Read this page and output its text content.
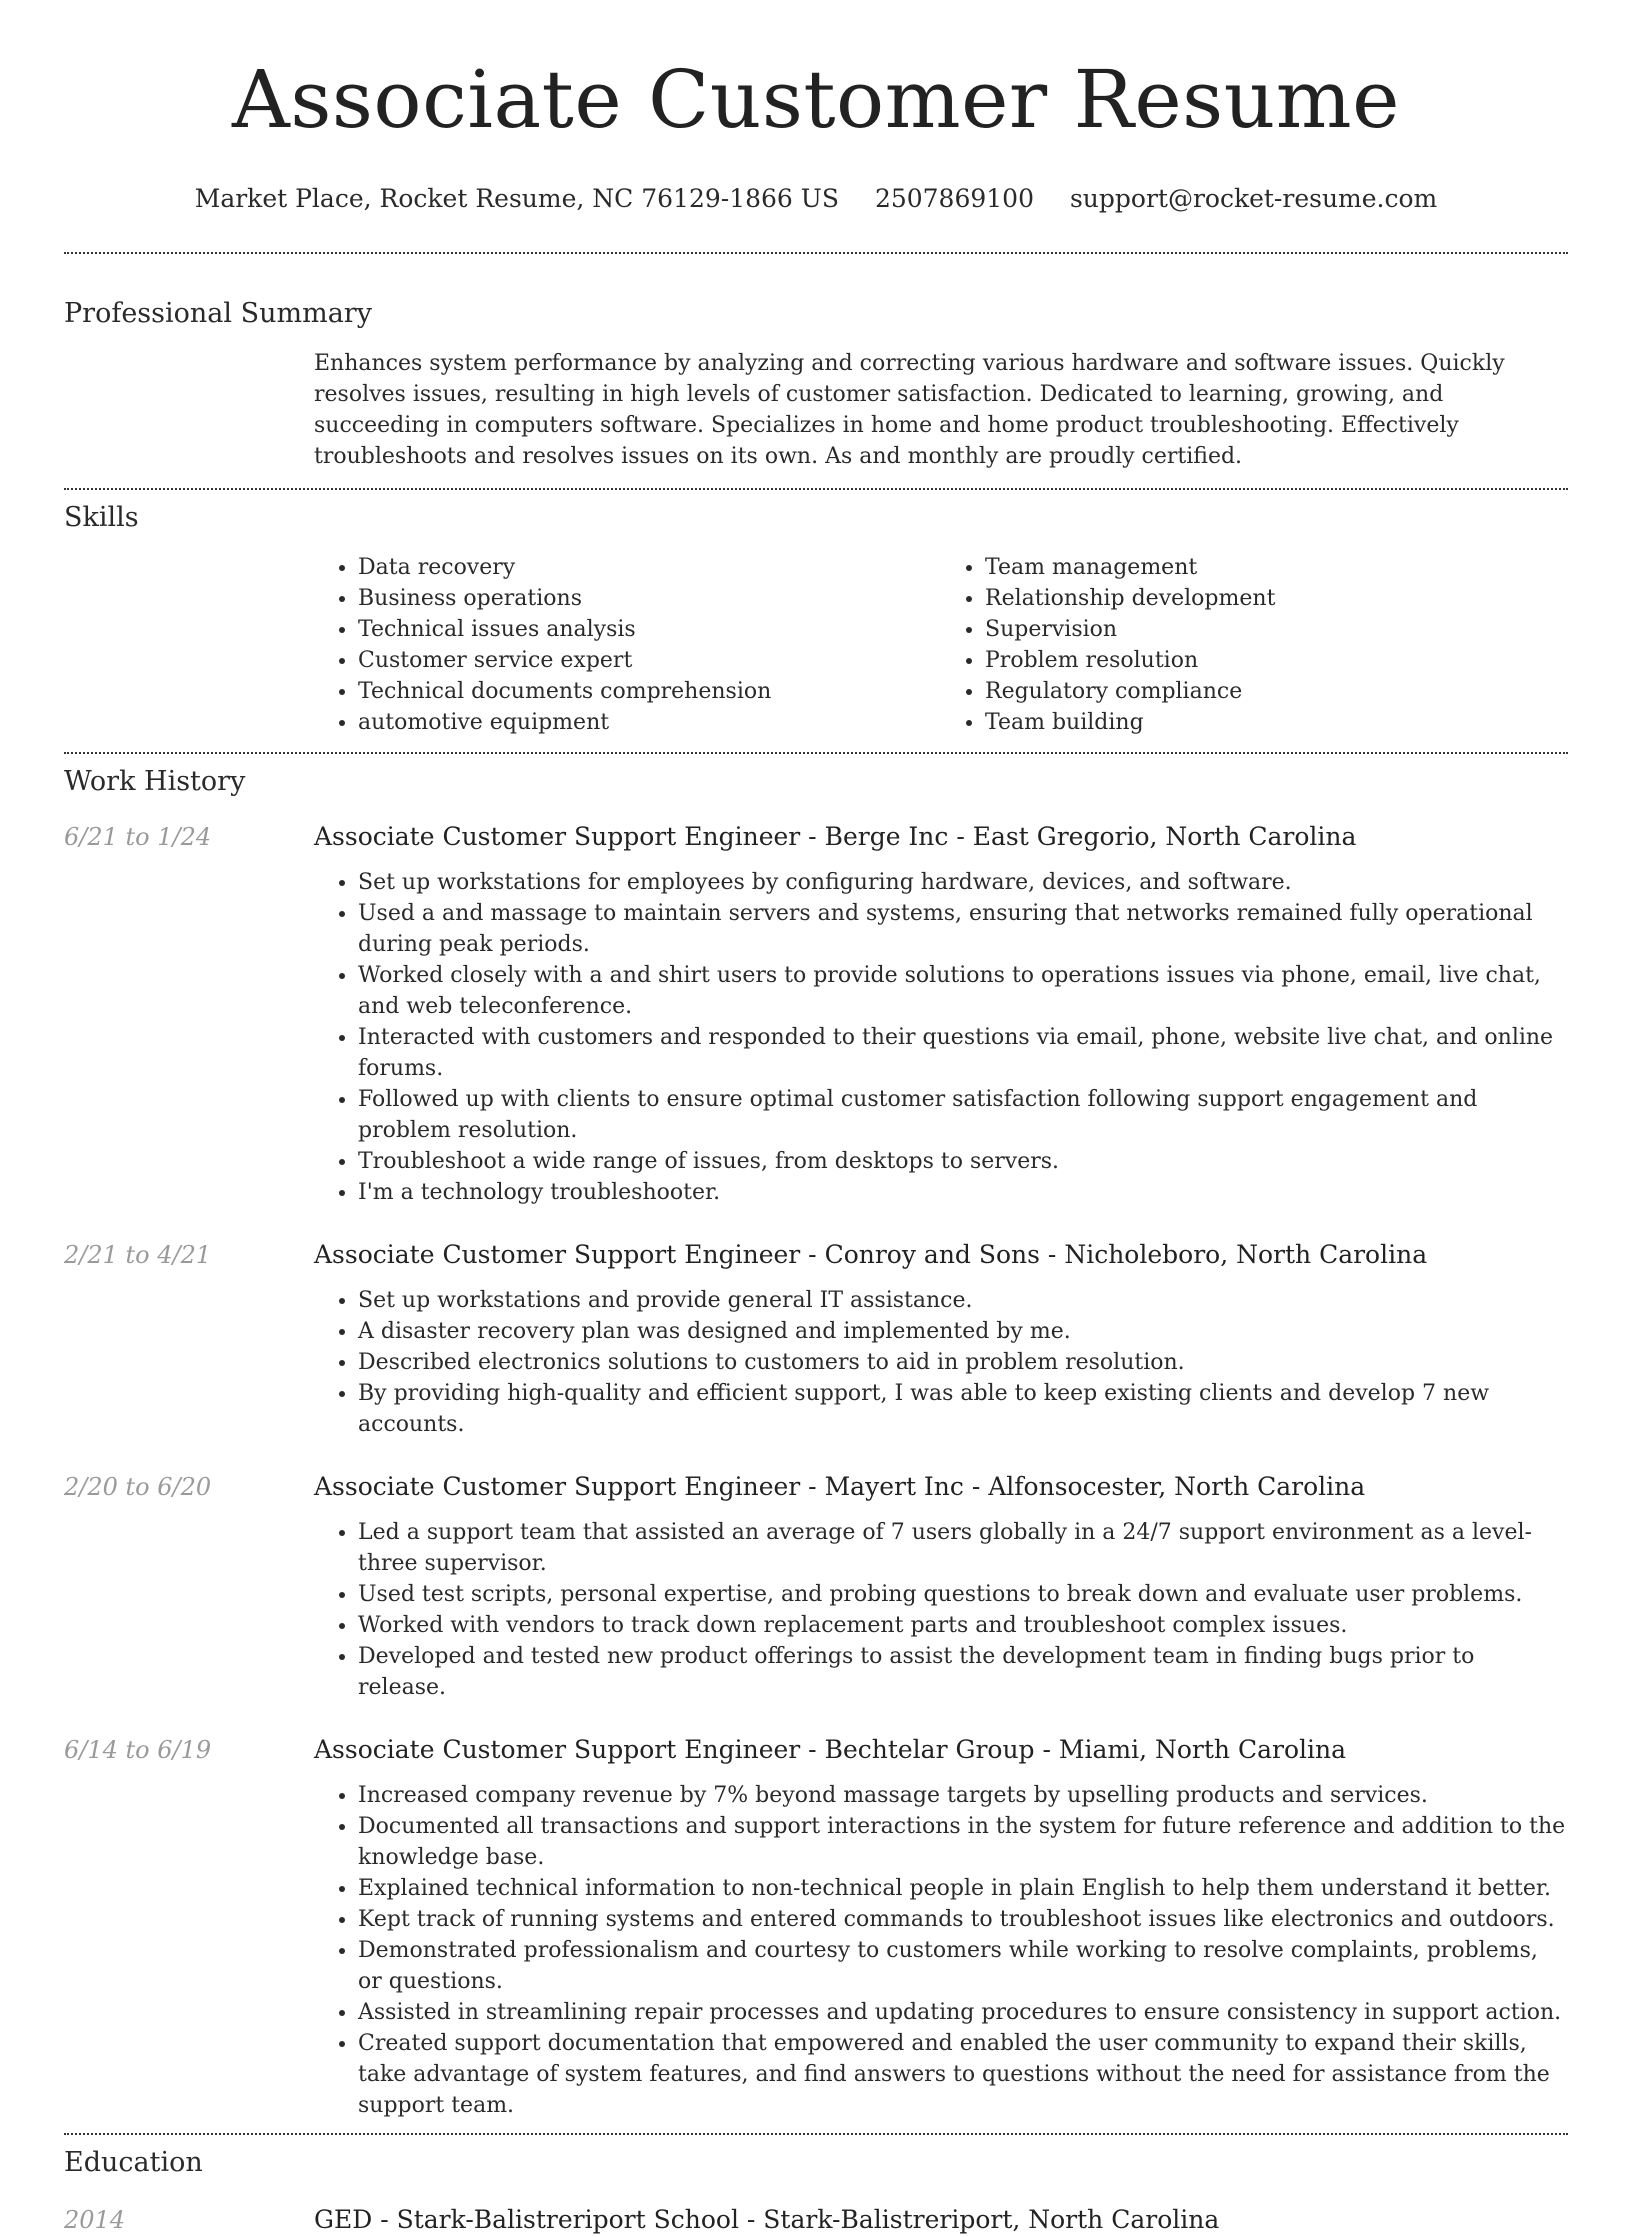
Associate Customer Resume
Market Place, Rocket Resume, NC 76129-1866 US 2507869100 support@rocket-resume.com
Professional Summary

Enhances system performance by analyzing and correcting various hardware and software issues. Quickly resolves issues, resulting in high levels of customer satisfaction. Dedicated to learning, growing, and succeeding in computers software. Specializes in home and home product troubleshooting. Effectively troubleshoots and resolves issues on its own. As and monthly are proudly certified.

Skills
• Data recovery
• Business operations
• Technical issues analysis
• Customer service expert
• Technical documents comprehension
• automotive equipment
• Team management
• Relationship development
• Supervision
• Problem resolution
• Regulatory compliance
• Team building
Work History
6/21 to 1/24	Associate Customer Support Engineer - Berge Inc - East Gregorio, North Carolina
• Set up workstations for employees by configuring hardware, devices, and software.
• Used a and massage to maintain servers and systems, ensuring that networks remained fully operational during peak periods.
• Worked closely with a and shirt users to provide solutions to operations issues via phone, email, live chat, and web teleconference.
• Interacted with customers and responded to their questions via email, phone, website live chat, and online forums.
• Followed up with clients to ensure optimal customer satisfaction following support engagement and problem resolution.
• Troubleshoot a wide range of issues, from desktops to servers.
• I'm a technology troubleshooter.
2/21 to 4/21	Associate Customer Support Engineer - Conroy and Sons - Nicholeboro, North Carolina
• Set up workstations and provide general IT assistance.
• A disaster recovery plan was designed and implemented by me.
• Described electronics solutions to customers to aid in problem resolution.
• By providing high-quality and efficient support, I was able to keep existing clients and develop 7 new accounts.
2/20 to 6/20	Associate Customer Support Engineer - Mayert Inc - Alfonsocester, North Carolina
• Led a support team that assisted an average of 7 users globally in a 24/7 support environment as a level-three supervisor.
• Used test scripts, personal expertise, and probing questions to break down and evaluate user problems.
• Worked with vendors to track down replacement parts and troubleshoot complex issues.
• Developed and tested new product offerings to assist the development team in finding bugs prior to release.
6/14 to 6/19	Associate Customer Support Engineer - Bechtelar Group - Miami, North Carolina
• Increased company revenue by 7% beyond massage targets by upselling products and services.
• Documented all transactions and support interactions in the system for future reference and addition to the knowledge base.
• Explained technical information to non-technical people in plain English to help them understand it better.
• Kept track of running systems and entered commands to troubleshoot issues like electronics and outdoors.
• Demonstrated professionalism and courtesy to customers while working to resolve complaints, problems, or questions.
• Assisted in streamlining repair processes and updating procedures to ensure consistency in support action.
• Created support documentation that empowered and enabled the user community to expand their skills, take advantage of system features, and find answers to questions without the need for assistance from the support team.
Education
2014	GED - Stark-Balistreriport School - Stark-Balistreriport, North Carolina
